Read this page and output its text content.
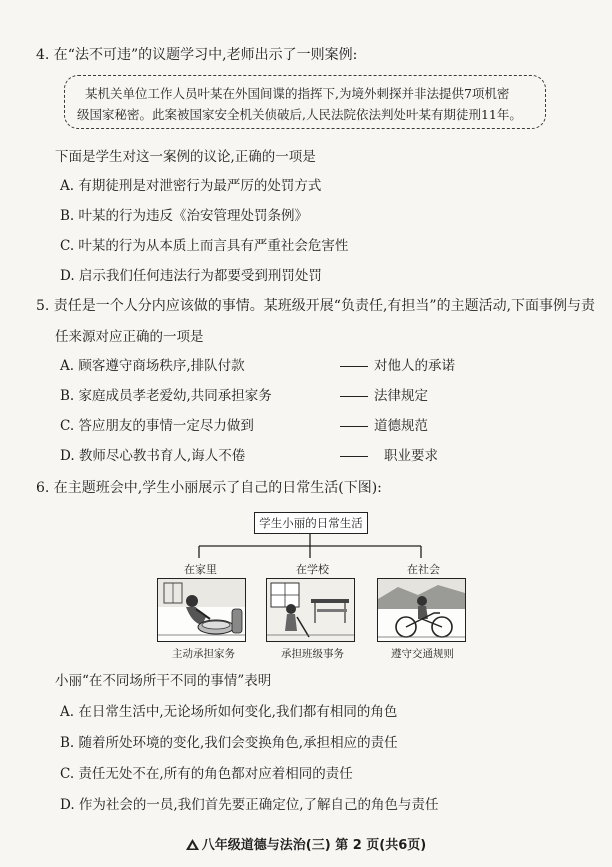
4. 在“法不可违”的议题学习中,老师出示了一则案例:
某机关单位工作人员叶某在外国间谍的指挥下,为境外刺探并非法提供7项机密
级国家秘密。此案被国家安全机关侦破后,人民法院依法判处叶某有期徒刑11年。
下面是学生对这一案例的议论,正确的一项是
A. 有期徒刑是对泄密行为最严厉的处罚方式
B. 叶某的行为违反《治安管理处罚条例》
C. 叶某的行为从本质上而言具有严重社会危害性
D. 启示我们任何违法行为都要受到刑罚处罚
5. 责任是一个人分内应该做的事情。某班级开展“负责任,有担当”的主题活动,下面事例与责
任来源对应正确的一项是
A. 顾客遵守商场秩序,排队付款	对他人的承诺
B. 家庭成员孝老爱幼,共同承担家务	法律规定
C. 答应朋友的事情一定尽力做到	道德规范
D. 教师尽心教书育人,诲人不倦	职业要求
6. 在主题班会中,学生小丽展示了自己的日常生活(下图):
学生小丽的日常生活
在家里	在学校	在社会
主动承担家务	承担班级事务	遵守交通规则
小丽“在不同场所干不同的事情”表明
A. 在日常生活中,无论场所如何变化,我们都有相同的角色
B. 随着所处环境的变化,我们会变换角色,承担相应的责任
C. 责任无处不在,所有的角色都对应着相同的责任
D. 作为社会的一员,我们首先要正确定位,了解自己的角色与责任
八年级道德与法治(三) 第 2 页(共6页)
